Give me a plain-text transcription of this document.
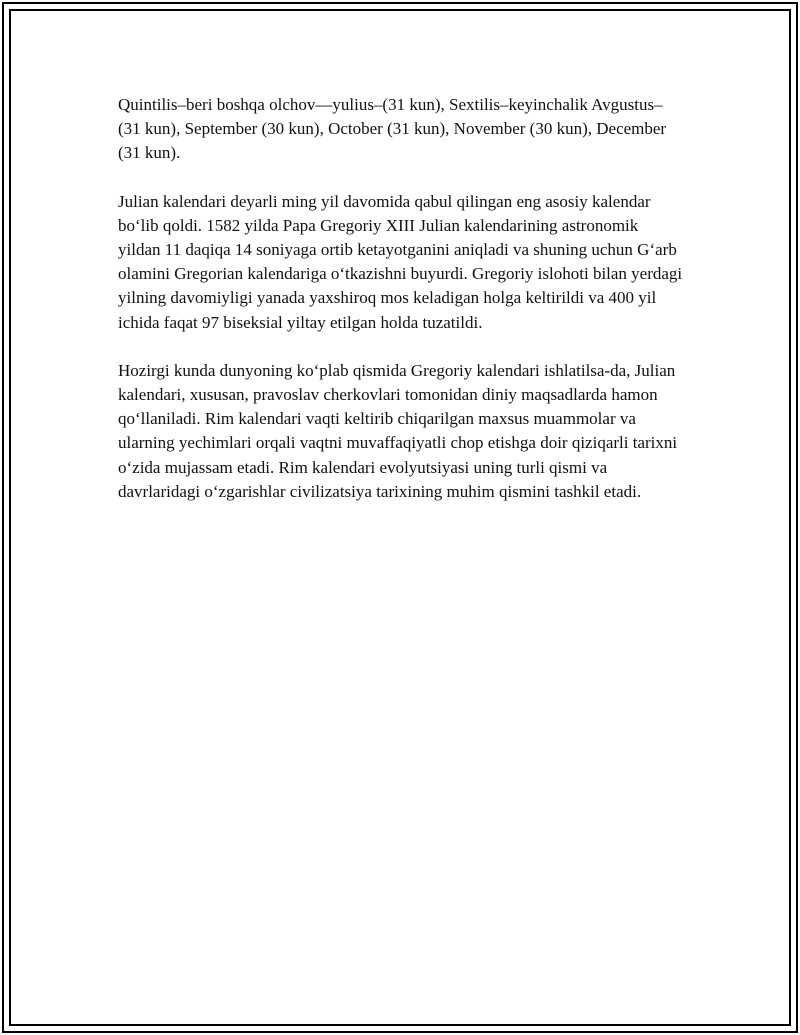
Quintilis–beri boshqa olchov—yulius–(31 kun), Sextilis–keyinchalik Avgustus–(31 kun), September (30 kun), October (31 kun), November (30 kun), December (31 kun).

Julian kalendari deyarli ming yil davomida qabul qilingan eng asosiy kalendar bo‘lib qoldi. 1582 yilda Papa Gregoriy XIII Julian kalendarining astronomik yildan 11 daqiqa 14 soniyaga ortib ketayotganini aniqladi va shuning uchun G‘arb olamini Gregorian kalendariga o‘tkazishni buyurdi. Gregoriy islohoti bilan yerdagi yilning davomiyligi yanada yaxshiroq mos keladigan holga keltirildi va 400 yil ichida faqat 97 biseksial yiltay etilgan holda tuzatildi.

Hozirgi kunda dunyoning ko‘plab qismida Gregoriy kalendari ishlatilsa-da, Julian kalendari, xususan, pravoslav cherkovlari tomonidan diniy maqsadlarda hamon qo‘llaniladi. Rim kalendari vaqti keltirib chiqarilgan maxsus muammolar va ularning yechimlari orqali vaqtni muvaffaqiyatli chop etishga doir qiziqarli tarixni o‘zida mujassam etadi. Rim kalendari evolyutsiyasi uning turli qismi va davrlaridagi o‘zgarishlar civilizatsiya tarixining muhim qismini tashkil etadi.
